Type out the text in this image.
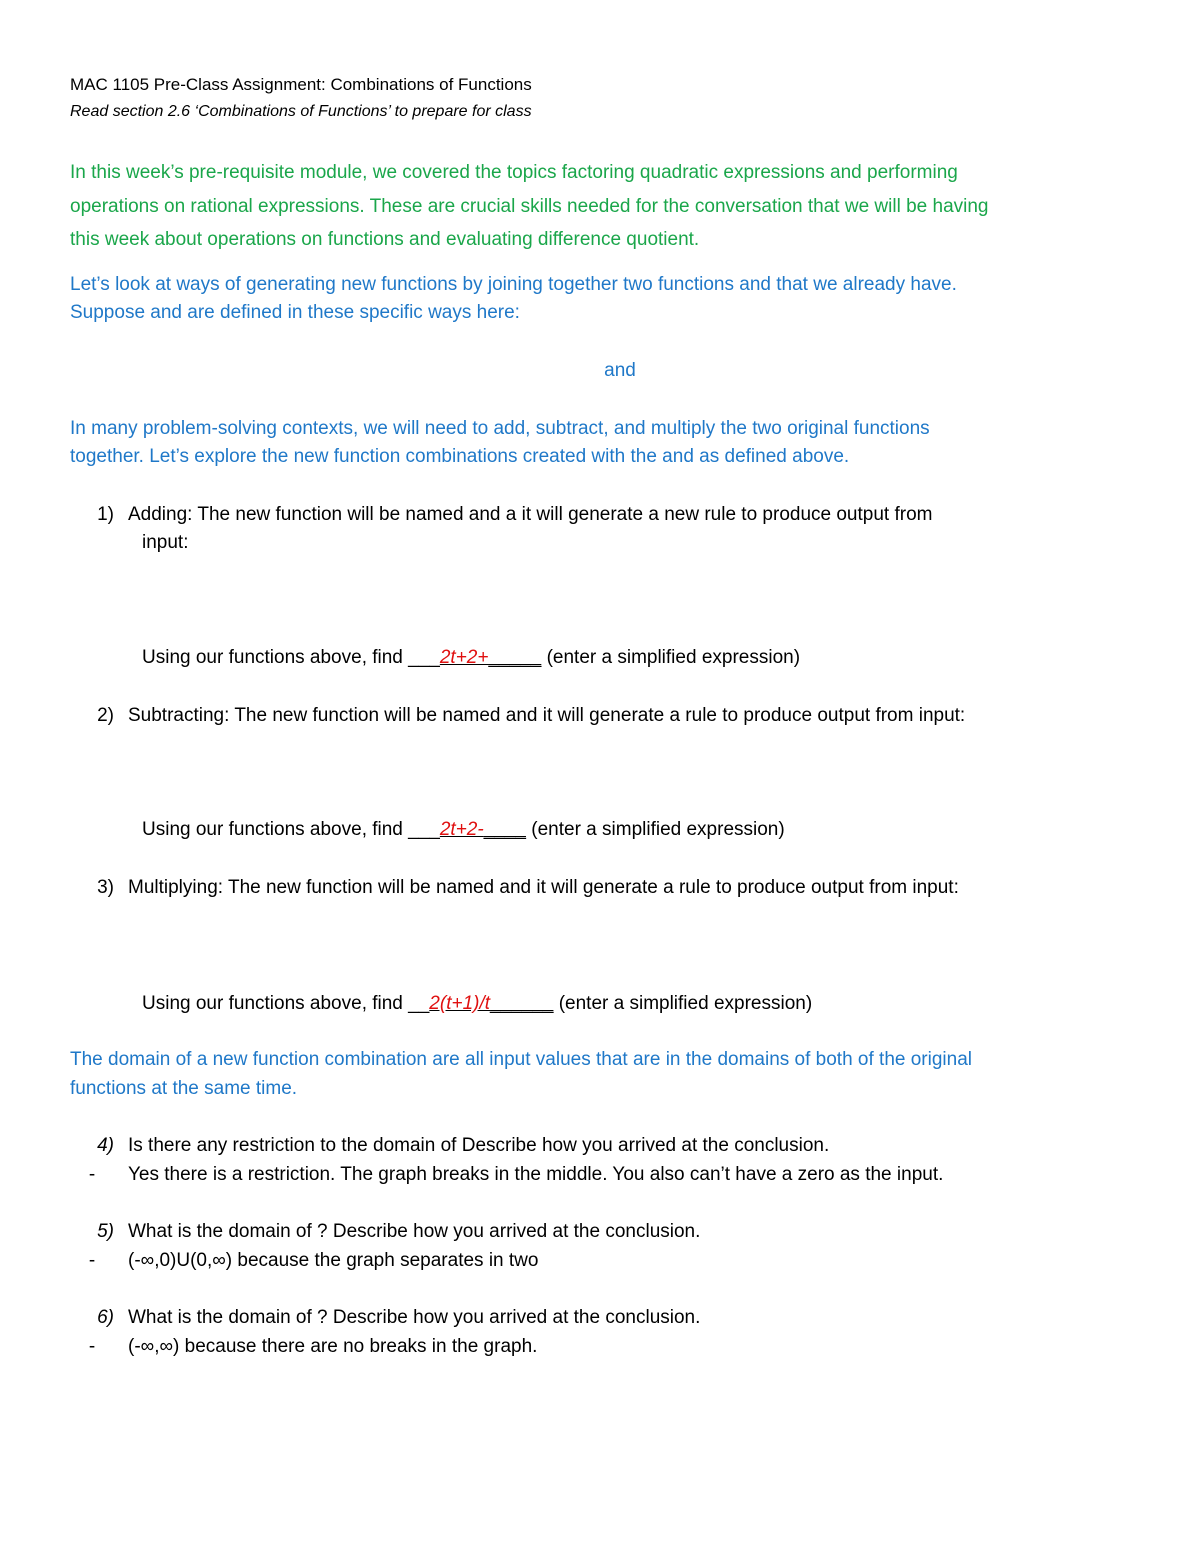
MAC 1105 Pre-Class Assignment: Combinations of Functions
Read section 2.6 ‘Combinations of Functions’ to prepare for class
In this week’s pre-requisite module, we covered the topics factoring quadratic expressions and performing
operations on rational expressions. These are crucial skills needed for the conversation that we will be having
this week about operations on functions and evaluating difference quotient.
Let’s look at ways of generating new functions by joining together two functions and that we already have.
Suppose and are defined in these specific ways here:
and
In many problem-solving contexts, we will need to add, subtract, and multiply the two original functions
together. Let’s explore the new function combinations created with the and as defined above.
1) Adding: The new function will be named and a it will generate a new rule to produce output from
input:
Using our functions above, find ___2t+2+_____ (enter a simplified expression)
2) Subtracting: The new function will be named and it will generate a rule to produce output from input:
Using our functions above, find ___2t+2-____ (enter a simplified expression)
3) Multiplying: The new function will be named and it will generate a rule to produce output from input:
Using our functions above, find __2(t+1)/t______ (enter a simplified expression)
The domain of a new function combination are all input values that are in the domains of both of the original
functions at the same time.
4) Is there any restriction to the domain of Describe how you arrived at the conclusion.
- Yes there is a restriction. The graph breaks in the middle. You also can’t have a zero as the input.
5) What is the domain of ? Describe how you arrived at the conclusion.
- (-∞,0)U(0,∞) because the graph separates in two
6) What is the domain of ? Describe how you arrived at the conclusion.
- (-∞,∞) because there are no breaks in the graph.
